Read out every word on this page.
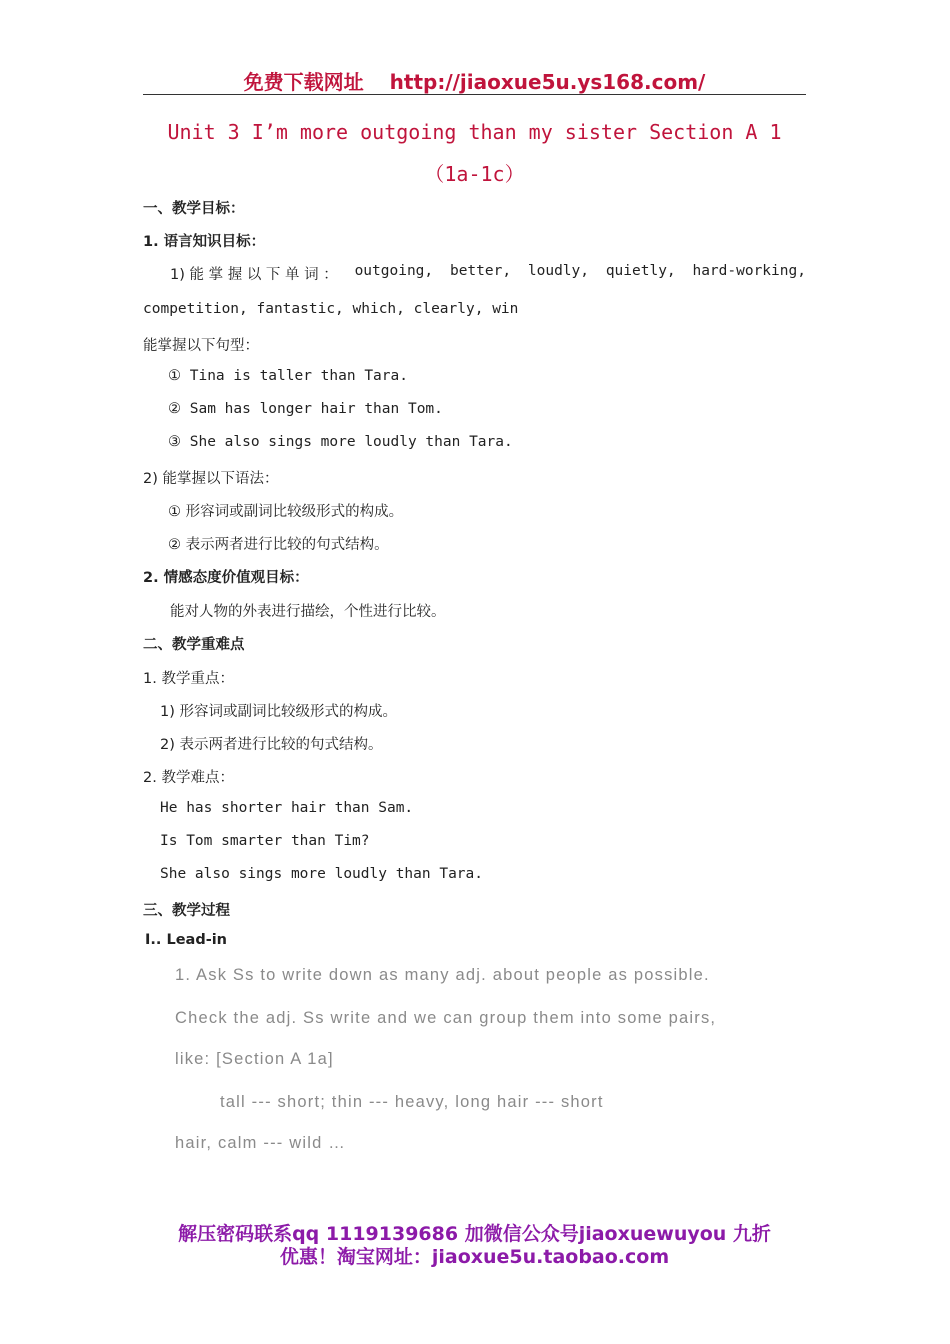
免费下载网址 http://jiaoxue5u.ys168.com/
Unit 3 I’m more outgoing than my sister Section A 1
（1a-1c）
一、教学目标：
1. 语言知识目标：
1) 能 掌 握 以 下 单 词 ： outgoing, better, loudly, quietly, hard-working,
competition, fantastic, which, clearly, win
能掌握以下句型：
① Tina is taller than Tara.
② Sam has longer hair than Tom.
③ She also sings more loudly than Tara.
2) 能掌握以下语法：
① 形容词或副词比较级形式的构成。
② 表示两者进行比较的句式结构。
2. 情感态度价值观目标：
能对人物的外表进行描绘，个性进行比较。
二、教学重难点
1. 教学重点：
1) 形容词或副词比较级形式的构成。
2) 表示两者进行比较的句式结构。
2. 教学难点：
He has shorter hair than Sam.
Is Tom smarter than Tim?
She also sings more loudly than Tara.
三、教学过程
Ⅰ.. Lead-in
1. Ask Ss to write down as many adj. about people as possible.
Check the adj. Ss write and we can group them into some pairs,
like: [Section A 1a]
tall --- short; thin --- heavy, long hair --- short
hair, calm --- wild …
解压密码联系qq 1119139686 加微信公众号jiaoxuewuyou 九折
优惠！淘宝网址：jiaoxue5u.taobao.com
